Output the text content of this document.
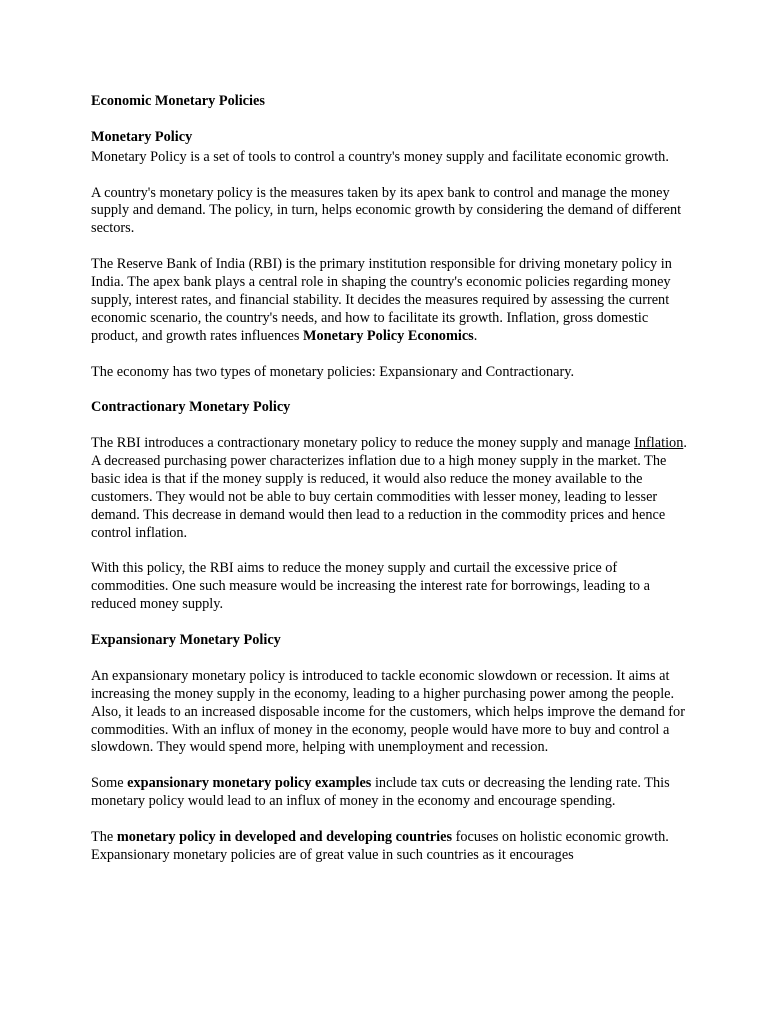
Economic Monetary Policies

Monetary Policy

Monetary Policy is a set of tools to control a country's money supply and facilitate economic growth.

A country's monetary policy is the measures taken by its apex bank to control and manage the money supply and demand. The policy, in turn, helps economic growth by considering the demand of different sectors.

The Reserve Bank of India (RBI) is the primary institution responsible for driving monetary policy in India. The apex bank plays a central role in shaping the country's economic policies regarding money supply, interest rates, and financial stability. It decides the measures required by assessing the current economic scenario, the country's needs, and how to facilitate its growth. Inflation, gross domestic product, and growth rates influences Monetary Policy Economics.

The economy has two types of monetary policies: Expansionary and Contractionary.

Contractionary Monetary Policy

The RBI introduces a contractionary monetary policy to reduce the money supply and manage Inflation. A decreased purchasing power characterizes inflation due to a high money supply in the market. The basic idea is that if the money supply is reduced, it would also reduce the money available to the customers. They would not be able to buy certain commodities with lesser money, leading to lesser demand. This decrease in demand would then lead to a reduction in the commodity prices and hence control inflation.

With this policy, the RBI aims to reduce the money supply and curtail the excessive price of commodities. One such measure would be increasing the interest rate for borrowings, leading to a reduced money supply.

Expansionary Monetary Policy

An expansionary monetary policy is introduced to tackle economic slowdown or recession. It aims at increasing the money supply in the economy, leading to a higher purchasing power among the people. Also, it leads to an increased disposable income for the customers, which helps improve the demand for commodities. With an influx of money in the economy, people would have more to buy and control a slowdown. They would spend more, helping with unemployment and recession.

Some expansionary monetary policy examples include tax cuts or decreasing the lending rate. This monetary policy would lead to an influx of money in the economy and encourage spending.

The monetary policy in developed and developing countries focuses on holistic economic growth. Expansionary monetary policies are of great value in such countries as it encourages
